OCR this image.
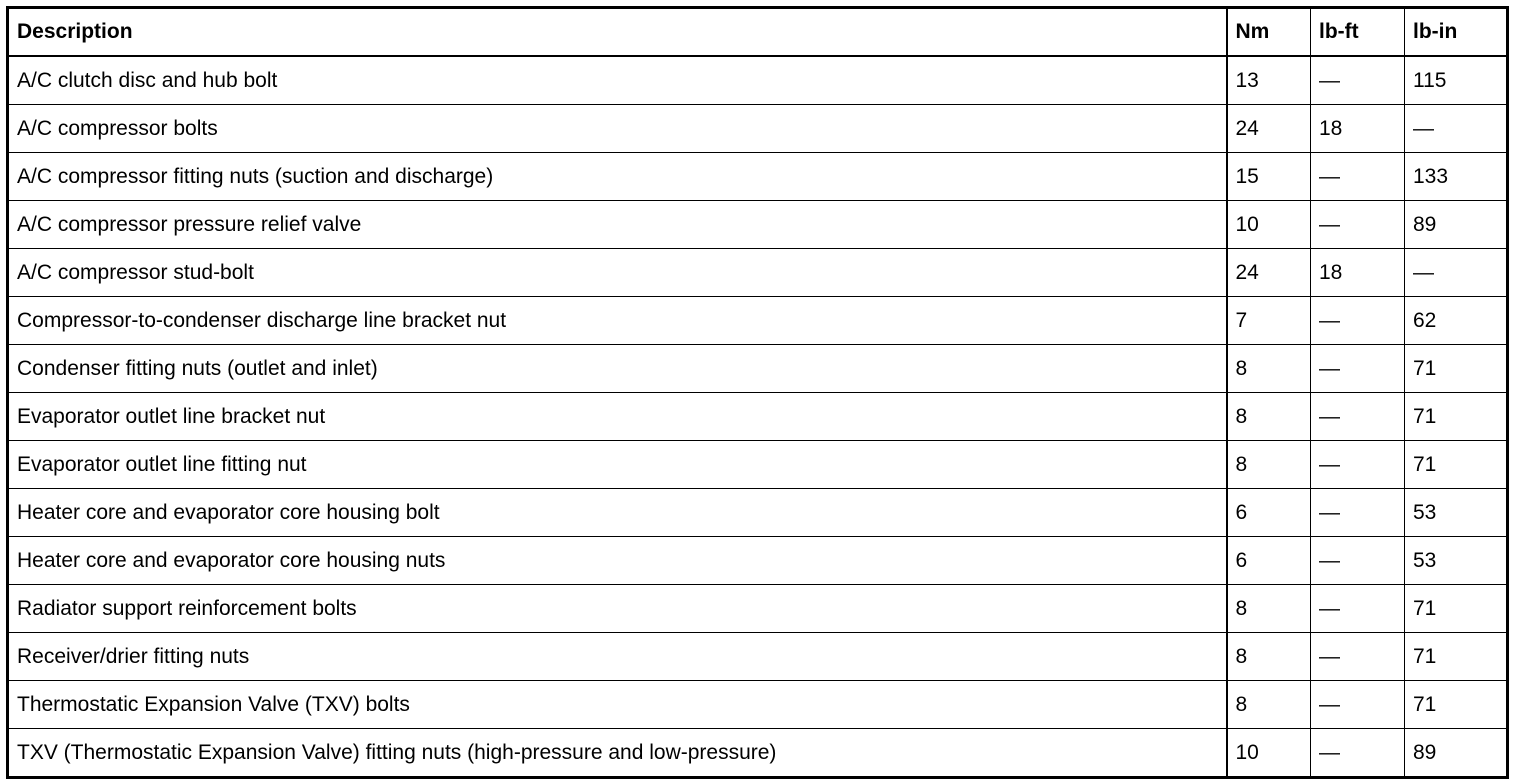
Description	Nm	lb-ft	lb-in
A/C clutch disc and hub bolt	13	—	115
A/C compressor bolts	24	18	—
A/C compressor fitting nuts (suction and discharge)	15	—	133
A/C compressor pressure relief valve	10	—	89
A/C compressor stud-bolt	24	18	—
Compressor-to-condenser discharge line bracket nut	7	—	62
Condenser fitting nuts (outlet and inlet)	8	—	71
Evaporator outlet line bracket nut	8	—	71
Evaporator outlet line fitting nut	8	—	71
Heater core and evaporator core housing bolt	6	—	53
Heater core and evaporator core housing nuts	6	—	53
Radiator support reinforcement bolts	8	—	71
Receiver/drier fitting nuts	8	—	71
Thermostatic Expansion Valve (TXV) bolts	8	—	71
TXV (Thermostatic Expansion Valve) fitting nuts (high-pressure and low-pressure)	10	—	89
